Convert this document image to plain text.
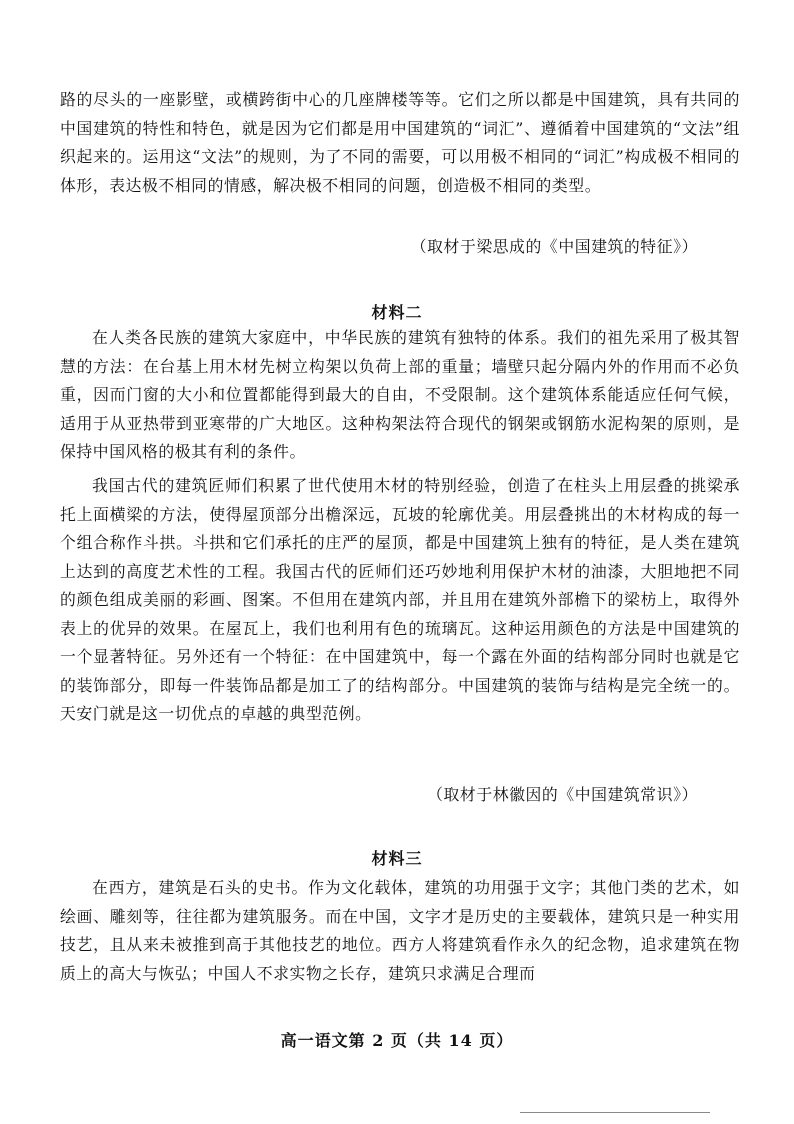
路的尽头的一座影壁，或横跨街中心的几座牌楼等等。它们之所以都是中国建筑，具有共同的中国建筑的特性和特色，就是因为它们都是用中国建筑的“词汇”、遵循着中国建筑的“文法”组织起来的。运用这“文法”的规则，为了不同的需要，可以用极不相同的“词汇”构成极不相同的体形，表达极不相同的情感，解决极不相同的问题，创造极不相同的类型。

（取材于梁思成的《中国建筑的特征》）

材料二

在人类各民族的建筑大家庭中，中华民族的建筑有独特的体系。我们的祖先采用了极其智慧的方法：在台基上用木材先树立构架以负荷上部的重量；墙壁只起分隔内外的作用而不必负重，因而门窗的大小和位置都能得到最大的自由，不受限制。这个建筑体系能适应任何气候，适用于从亚热带到亚寒带的广大地区。这种构架法符合现代的钢架或钢筋水泥构架的原则，是保持中国风格的极其有利的条件。

我国古代的建筑匠师们积累了世代使用木材的特别经验，创造了在柱头上用层叠的挑梁承托上面横梁的方法，使得屋顶部分出檐深远，瓦坡的轮廓优美。用层叠挑出的木材构成的每一个组合称作斗拱。斗拱和它们承托的庄严的屋顶，都是中国建筑上独有的特征，是人类在建筑上达到的高度艺术性的工程。我国古代的匠师们还巧妙地利用保护木材的油漆，大胆地把不同的颜色组成美丽的彩画、图案。不但用在建筑内部，并且用在建筑外部檐下的梁枋上，取得外表上的优异的效果。在屋瓦上，我们也利用有色的琉璃瓦。这种运用颜色的方法是中国建筑的一个显著特征。另外还有一个特征：在中国建筑中，每一个露在外面的结构部分同时也就是它的装饰部分，即每一件装饰品都是加工了的结构部分。中国建筑的装饰与结构是完全统一的。天安门就是这一切优点的卓越的典型范例。

（取材于林徽因的《中国建筑常识》）

材料三

在西方，建筑是石头的史书。作为文化载体，建筑的功用强于文字；其他门类的艺术，如绘画、雕刻等，往往都为建筑服务。而在中国，文字才是历史的主要载体，建筑只是一种实用技艺，且从来未被推到高于其他技艺的地位。西方人将建筑看作永久的纪念物，追求建筑在物质上的高大与恢弘；中国人不求实物之长存，建筑只求满足合理而

高一语文第 2 页（共 14 页）
